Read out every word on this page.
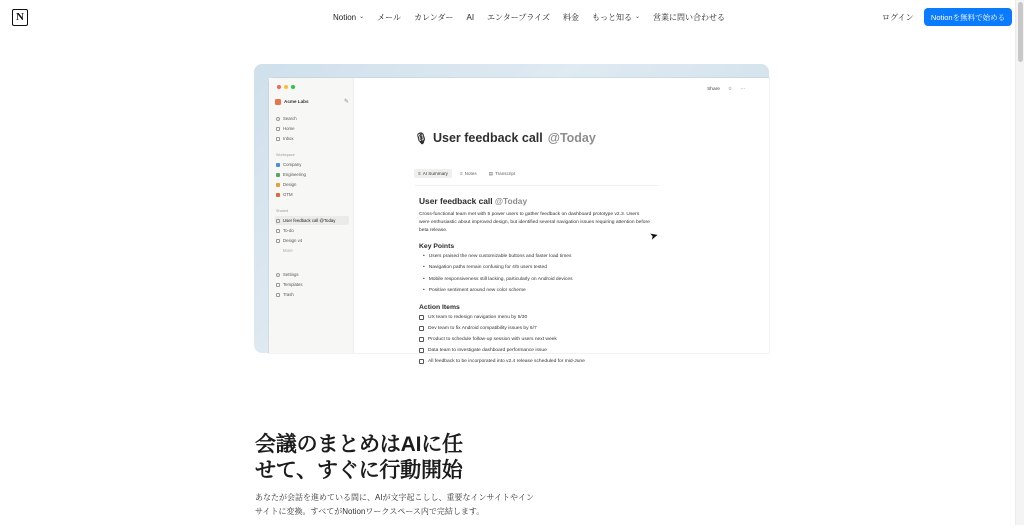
N	Notion ⌄ メール カレンダー AI エンタープライズ 料金 もっと知る ⌄ 営業に問い合わせる	ログイン	Notionを無料で始める
Acme Labs	✎
Search
Home
Inbox
Workspace
Company
Engineering
Design
GTM
Shared
User feedback call @Today
To-do
Design v4
More
Settings
Templates
Trash
Share ☆ ···
🎙 User feedback call @Today
≡ AI Summary	≡ Notes	▤ Transcript
User feedback call @Today
Cross-functional team met with 5 power users to gather feedback on dashboard prototype v2.3. Users were enthusiastic about improved design, but identified several navigation issues requiring attention before beta release.
Key Points
• Users praised the new customizable buttons and faster load times
• Navigation paths remain confusing for 4/5 users tested
• Mobile responsiveness still lacking, particularly on Android devices
• Positive sentiment around new color scheme
Action Items
UX team to redesign navigation menu by 5/30
Dev team to fix Android compatibility issues by 6/7
Product to schedule follow-up session with users next week
Data team to investigate dashboard performance issue
All feedback to be incorporated into v2.4 release scheduled for mid-June
➤
会議のまとめはAIに任
せて、すぐに行動開始
あなたが会話を進めている間に、AIが文字起こしし、重要なインサイトやイン
サイトに変換。すべてがNotionワークスペース内で完結します。
